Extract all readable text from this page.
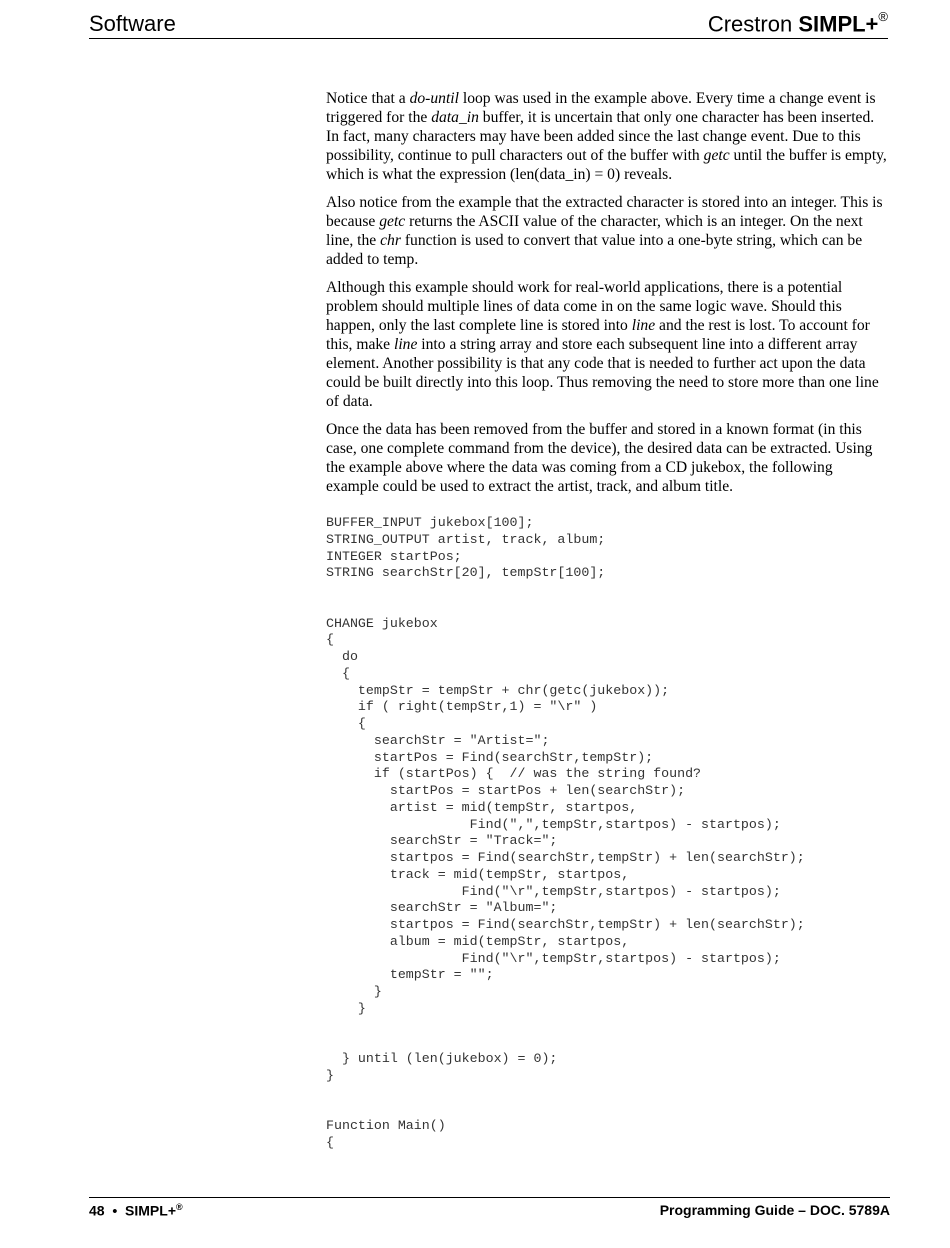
Software	Crestron SIMPL+®

Notice that a do-until loop was used in the example above. Every time a change event is triggered for the data_in buffer, it is uncertain that only one character has been inserted. In fact, many characters may have been added since the last change event. Due to this possibility, continue to pull characters out of the buffer with getc until the buffer is empty, which is what the expression (len(data_in) = 0) reveals.

Also notice from the example that the extracted character is stored into an integer. This is because getc returns the ASCII value of the character, which is an integer. On the next line, the chr function is used to convert that value into a one-byte string, which can be added to temp.

Although this example should work for real-world applications, there is a potential problem should multiple lines of data come in on the same logic wave. Should this happen, only the last complete line is stored into line and the rest is lost. To account for this, make line into a string array and store each subsequent line into a different array element. Another possibility is that any code that is needed to further act upon the data could be built directly into this loop. Thus removing the need to store more than one line of data.

Once the data has been removed from the buffer and stored in a known format (in this case, one complete command from the device), the desired data can be extracted. Using the example above where the data was coming from a CD jukebox, the following example could be used to extract the artist, track, and album title.

BUFFER_INPUT jukebox[100];
STRING_OUTPUT artist, track, album;
INTEGER startPos;
STRING searchStr[20], tempStr[100];

CHANGE jukebox
{
do
{
tempStr = tempStr + chr(getc(jukebox));
if ( right(tempStr,1) = "\r" )
{
searchStr = "Artist=";
startPos = Find(searchStr,tempStr);
if (startPos) {  // was the string found?
startPos = startPos + len(searchStr);
artist = mid(tempStr, startpos,
Find(",",tempStr,startpos) - startpos);
searchStr = "Track=";
startpos = Find(searchStr,tempStr) + len(searchStr);
track = mid(tempStr, startpos,
Find("\r",tempStr,startpos) - startpos);
searchStr = "Album=";
startpos = Find(searchStr,tempStr) + len(searchStr);
album = mid(tempStr, startpos,
Find("\r",tempStr,startpos) - startpos);
tempStr = "";
}
}

} until (len(jukebox) = 0);
}

Function Main()
{
48 • SIMPL+®	Programming Guide – DOC. 5789A
